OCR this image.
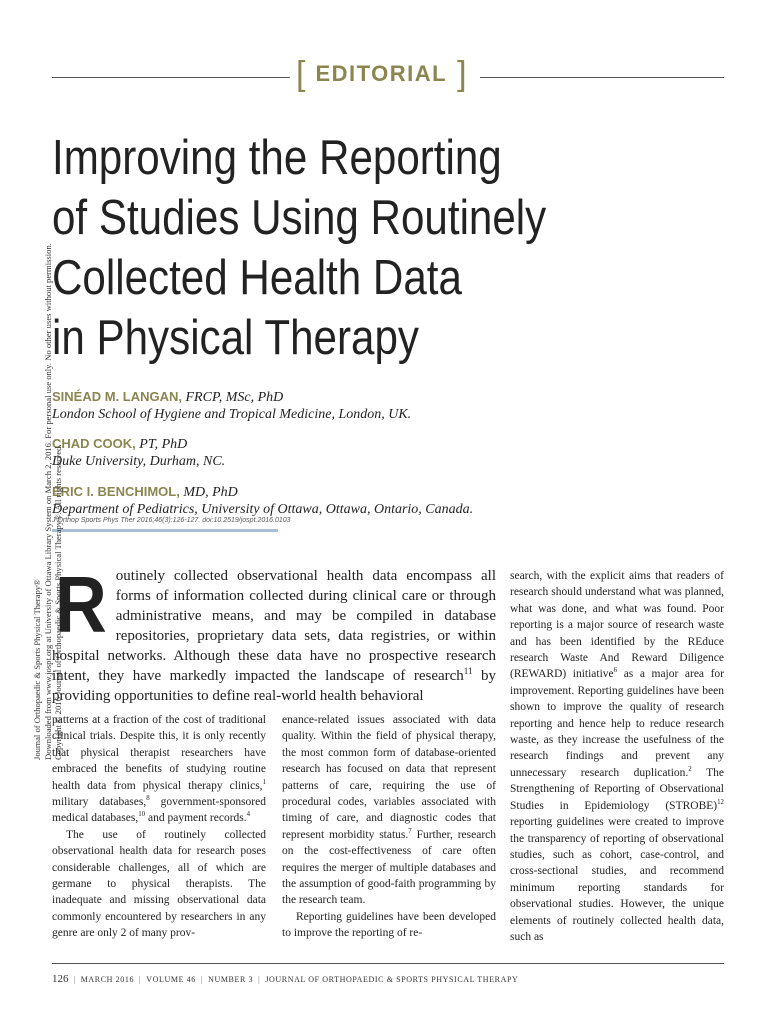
[ EDITORIAL ]
Improving the Reporting
of Studies Using Routinely
Collected Health Data
in Physical Therapy
SINÉAD M. LANGAN, FRCP, MSc, PhD
London School of Hygiene and Tropical Medicine, London, UK.
CHAD COOK, PT, PhD
Duke University, Durham, NC.
ERIC I. BENCHIMOL, MD, PhD
Department of Pediatrics, University of Ottawa, Ottawa, Ontario, Canada.
J Orthop Sports Phys Ther 2016;46(3):126-127. doi:10.2519/jospt.2016.0103
Journal of Orthopaedic & Sports Physical Therapy® Downloaded from www.jospt.org at University of Ottawa Library System on March 2, 2016. For personal use only. No other uses without permission. Copyright © 2016 Journal of Orthopaedic & Sports Physical Therapy®. All rights reserved.
Routinely collected observational health data encompass all forms of information collected during clinical care or through administrative means, and may be compiled in database repositories, proprietary data sets, data registries, or within hospital networks. Although these data have no prospective research intent, they have markedly impacted the landscape of research$^{11}$ by providing opportunities to define real-world health behavioral

patterns at a fraction of the cost of traditional clinical trials. Despite this, it is only recently that physical therapist researchers have embraced the benefits of studying routine health data from physical therapy clinics,$^1$ military databases,$^8$ government-sponsored medical databases,$^{10}$ and payment records.$^4$

The use of routinely collected observational health data for research poses considerable challenges, all of which are germane to physical therapists. The inadequate and missing observational data commonly encountered by researchers in any genre are only 2 of many prov-

enance-related issues associated with data quality. Within the field of physical therapy, the most common form of database-oriented research has focused on data that represent patterns of care, requiring the use of procedural codes, variables associated with timing of care, and diagnostic codes that represent morbidity status.$^7$ Further, research on the cost-effectiveness of care often requires the merger of multiple databases and the assumption of good-faith programming by the research team.

Reporting guidelines have been developed to improve the reporting of re-

search, with the explicit aims that readers of research should understand what was planned, what was done, and what was found. Poor reporting is a major source of research waste and has been identified by the REduce research Waste And Reward Diligence (REWARD) initiative$^6$ as a major area for improvement. Reporting guidelines have been shown to improve the quality of research reporting and hence help to reduce research waste, as they increase the usefulness of the research findings and prevent any unnecessary research duplication.$^2$ The Strengthening of Reporting of Observational Studies in Epidemiology (STROBE)$^{12}$ reporting guidelines were created to improve the transparency of reporting of observational studies, such as cohort, case-control, and cross-sectional studies, and recommend minimum reporting standards for observational studies. However, the unique elements of routinely collected health data, such as

126 | MARCH 2016 | VOLUME 46 | NUMBER 3 | JOURNAL OF ORTHOPAEDIC & SPORTS PHYSICAL THERAPY
